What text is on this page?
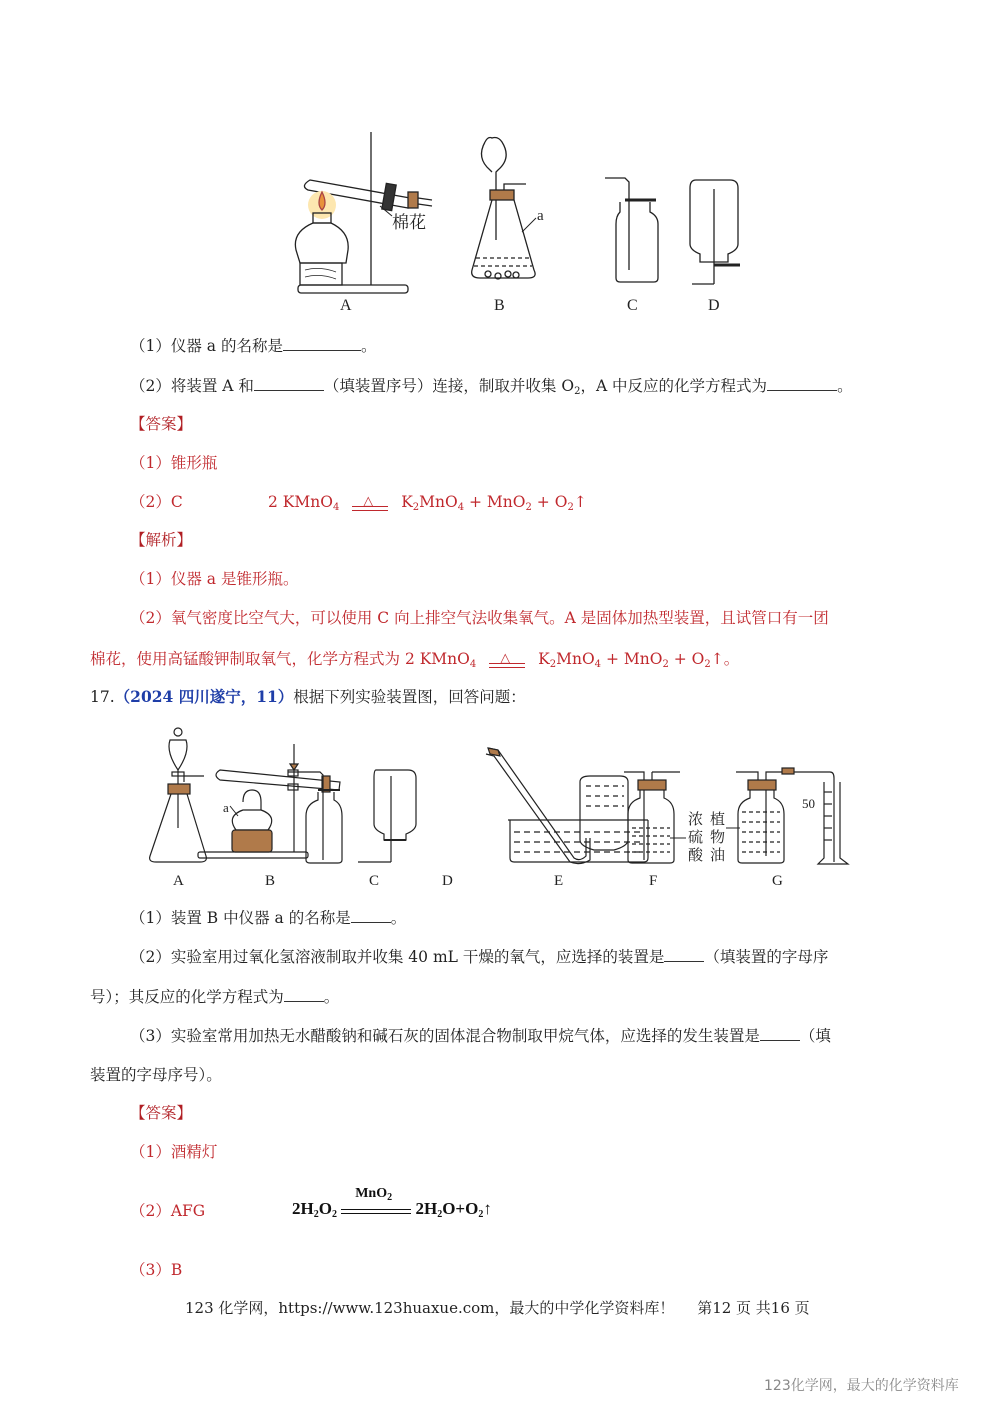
棉花
A
a
B	C	D
（1）仪器 a 的名称是	。
（2）将装置 A 和	（填装置序号）连接，制取并收集 $O_2$，A 中反应的化学方程式为	。
【答案】
（1）锥形瓶
（2）C	2 KMnO$_4$ △ $K_2MnO_4 + MnO_2$ + $O_2↑$
【解析】
（1）仪器 a 是锥形瓶。
（2）氧气密度比空气大，可以使用 C 向上排空气法收集氧气。A 是固体加热型装置，且试管口有一团
棉花，使用高锰酸钾制取氧气，化学方程式为 2 KMnO$_4$ △ $K_2MnO_4 + MnO_2$ + $O_2↑$。
17.（2024 四川遂宁，11）根据下列实验装置图，回答问题：
a
浓
硫
酸
植
物
油
50
A	B	C	D	E	F	G
（1）装置 B 中仪器 a 的名称是	。
（2）实验室用过氧化氢溶液制取并收集 40 mL 干燥的氧气，应选择的装置是	（填装置的字母序
号）；其反应的化学方程式为	。
（3）实验室常用加热无水醋酸钠和碱石灰的固体混合物制取甲烷气体，应选择的发生装置是	（填
装置的字母序号）。
【答案】
（1）酒精灯
（2）AFG	$2H_2O_2$
MnO$_2$
$2H_2O+O_2↑$
（3）B
123 化学网，https://www.123huaxue.com，最大的中学化学资料库！ 第12 页 共16 页
123化学网，最大的化学资料库
